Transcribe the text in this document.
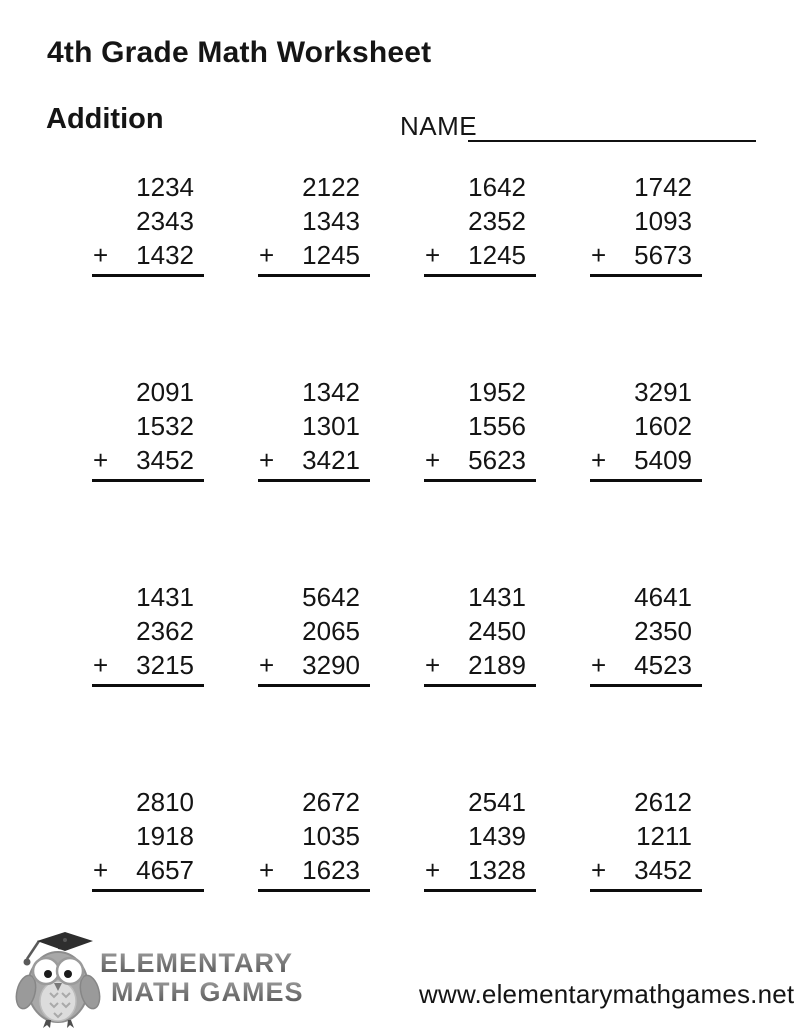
4th Grade Math Worksheet
Addition	NAME
1234
2343
+	1432
2122
1343
+	1245
1642
2352
+	1245
1742
1093
+	5673
2091
1532
+	3452
1342
1301
+	3421
1952
1556
+	5623
3291
1602
+	5409
1431
2362
+	3215
5642
2065
+	3290
1431
2450
+	2189
4641
2350
+	4523
2810
1918
+	4657
2672
1035
+	1623
2541
1439
+	1328
2612
1211
+	3452
ELEMENTARY
MATH GAMES	www.elementarymathgames.net
